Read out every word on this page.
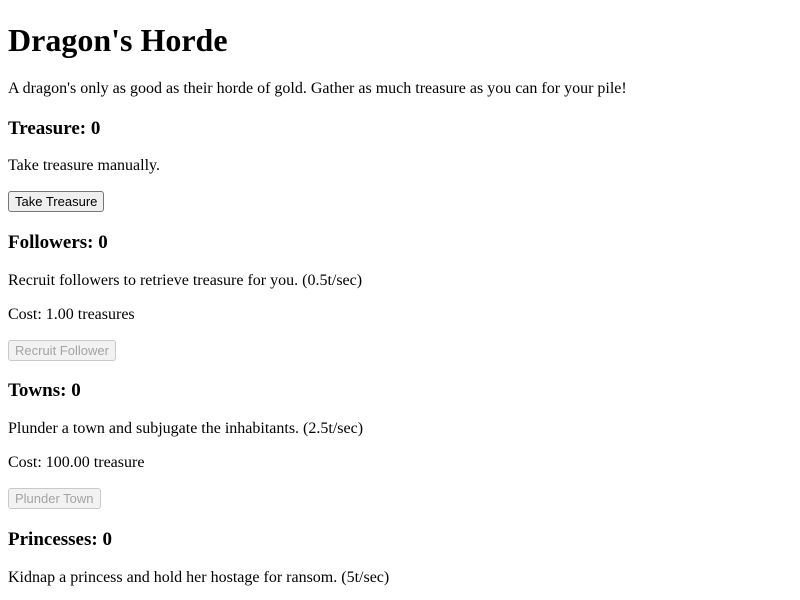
Dragon's Horde

A dragon's only as good as their horde of gold. Gather as much treasure as you can for your pile!

Treasure: 0

Take treasure manually.

Take Treasure
Followers: 0

Recruit followers to retrieve treasure for you. (0.5t/sec)

Cost: 1.00 treasures

Recruit Follower
Towns: 0

Plunder a town and subjugate the inhabitants. (2.5t/sec)

Cost: 100.00 treasure

Plunder Town
Princesses: 0

Kidnap a princess and hold her hostage for ransom. (5t/sec)
